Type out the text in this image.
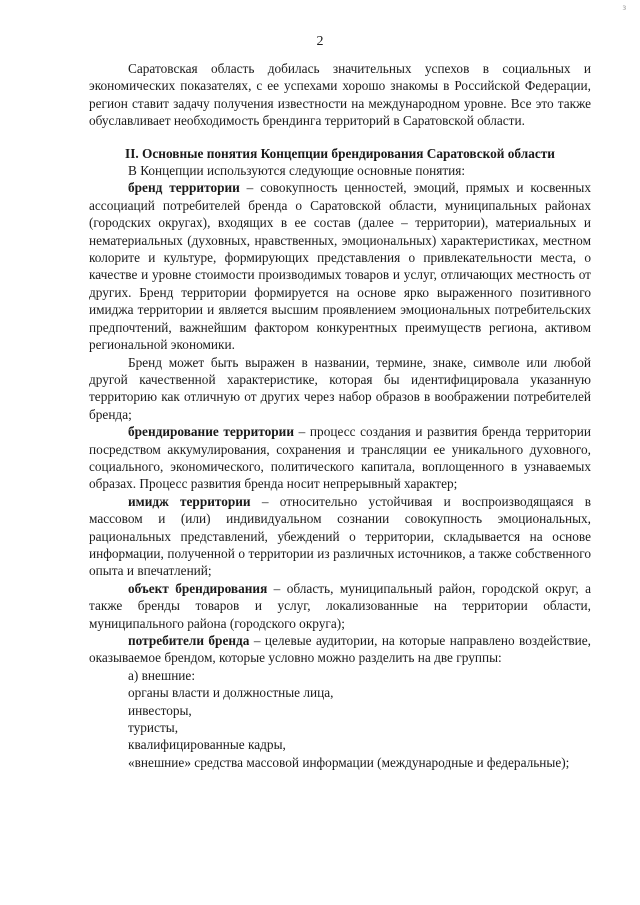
з
2

Саратовская область добилась значительных успехов в социальных и экономических показателях, с ее успехами хорошо знакомы в Российской Федерации, регион ставит задачу получения известности на международном уровне. Все это также обуславливает необходимость брендинга территорий в Саратовской области.

II. Основные понятия Концепции брендирования Саратовской области

В Концепции используются следующие основные понятия:

бренд территории – совокупность ценностей, эмоций, прямых и косвенных ассоциаций потребителей бренда о Саратовской области, муниципальных районах (городских округах), входящих в ее состав (далее – территории), материальных и нематериальных (духовных, нравственных, эмоциональных) характеристиках, местном колорите и культуре, формирующих представления о привлекательности места, о качестве и уровне стоимости производимых товаров и услуг, отличающих местность от других. Бренд территории формируется на основе ярко выраженного позитивного имиджа территории и является высшим проявлением эмоциональных потребительских предпочтений, важнейшим фактором конкурентных преимуществ региона, активом региональной экономики.

Бренд может быть выражен в названии, термине, знаке, символе или любой другой качественной характеристике, которая бы идентифицировала указанную территорию как отличную от других через набор образов в воображении потребителей бренда;

брендирование территории – процесс создания и развития бренда территории посредством аккумулирования, сохранения и трансляции ее уникального духовного, социального, экономического, политического капитала, воплощенного в узнаваемых образах. Процесс развития бренда носит непрерывный характер;

имидж территории – относительно устойчивая и воспроизводящаяся в массовом и (или) индивидуальном сознании совокупность эмоциональных, рациональных представлений, убеждений о территории, складывается на основе информации, полученной о территории из различных источников, а также собственного опыта и впечатлений;

объект брендирования – область, муниципальный район, городской округ, а также бренды товаров и услуг, локализованные на территории области, муниципального района (городского округа);

потребители бренда – целевые аудитории, на которые направлено воздействие, оказываемое брендом, которые условно можно разделить на две группы:

а) внешние:

органы власти и должностные лица,

инвесторы,

туристы,

квалифицированные кадры,

«внешние» средства массовой информации (международные и федеральные);
